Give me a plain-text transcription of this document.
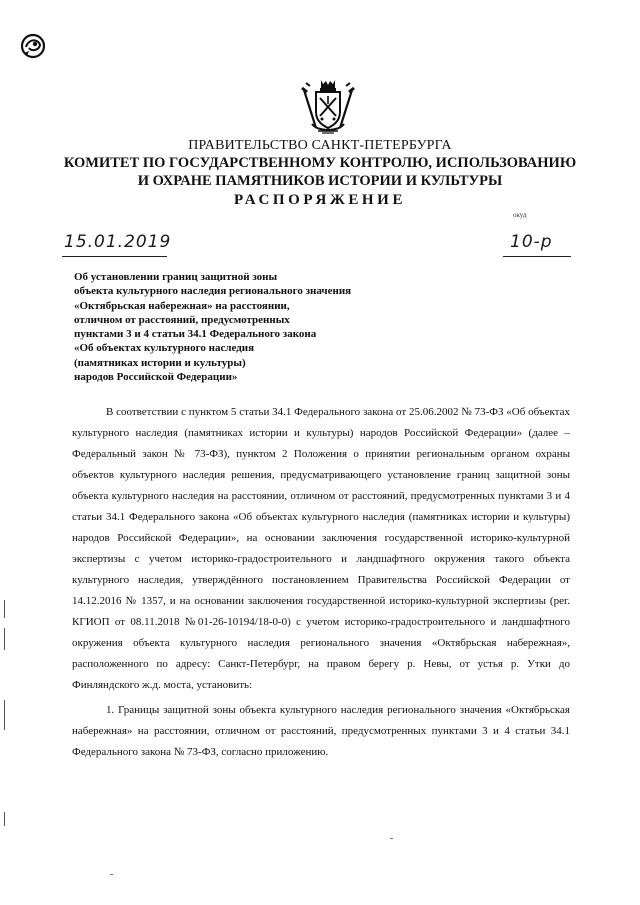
ПРАВИТЕЛЬСТВО САНКТ-ПЕТЕРБУРГА
КОМИТЕТ ПО ГОСУДАРСТВЕННОМУ КОНТРОЛЮ, ИСПОЛЬЗОВАНИЮ
И ОХРАНЕ ПАМЯТНИКОВ ИСТОРИИ И КУЛЬТУРЫ
РАСПОРЯЖЕНИЕ
окуд
15.01.2019	10-р
Об установлении границ защитной зоны
объекта культурного наследия регионального значения
«Октябрьская набережная» на расстоянии,
отличном от расстояний, предусмотренных
пунктами 3 и 4 статьи 34.1 Федерального закона
«Об объектах культурного наследия
(памятниках истории и культуры)
народов Российской Федерации»

В соответствии с пунктом 5 статьи 34.1 Федерального закона от 25.06.2002 № 73-ФЗ «Об объектах культурного наследия (памятниках истории и культуры) народов Российской Федерации» (далее – Федеральный закон № 73-ФЗ), пунктом 2 Положения о принятии региональным органом охраны объектов культурного наследия решения, предусматривающего установление границ защитной зоны объекта культурного наследия на расстоянии, отличном от расстояний, предусмотренных пунктами 3 и 4 статьи 34.1 Федерального закона «Об объектах культурного наследия (памятниках истории и культуры) народов Российской Федерации», на основании заключения государственной историко-культурной экспертизы с учетом историко-градостроительного и ландшафтного окружения такого объекта культурного наследия, утверждённого постановлением Правительства Российской Федерации от 14.12.2016 № 1357, и на основании заключения государственной историко-культурной экспертизы (рег. КГИОП от 08.11.2018 №01-26-10194/18-0-0) с учетом историко-градостроительного и ландшафтного окружения объекта культурного наследия регионального значения «Октябрьская набережная», расположенного по адресу: Санкт-Петербург, на правом берегу р. Невы, от устья р. Утки до Финляндского ж.д. моста, установить:

1. Границы защитной зоны объекта культурного наследия регионального значения «Октябрьская набережная» на расстоянии, отличном от расстояний, предусмотренных пунктами 3 и 4 статьи 34.1 Федерального закона № 73-ФЗ, согласно приложению.
